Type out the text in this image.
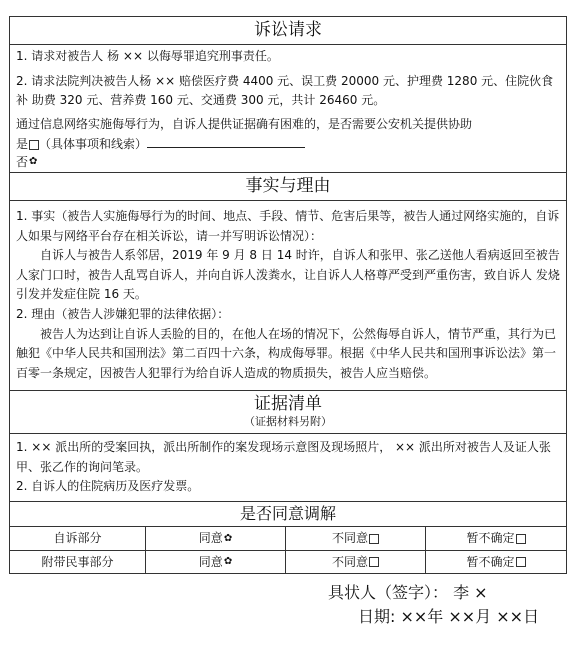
诉讼请求			

1. 请求对被告人 杨 ×× 以侮辱罪追究刑事责任。

2. 请求法院判决被告人杨 ×× 赔偿医疗费 4400 元、误工费 20000 元、护理费 1280 元、住院伙食补 助费 320 元、营养费 160 元、交通费 300 元，共计 26460 元。

通过信息网络实施侮辱行为，自诉人提供证据确有困难的，是否需要公安机关提供协助

是 （具体事项和线索）

否✿			

事实与理由			

1. 事实（被告人实施侮辱行为的时间、地点、手段、情节、危害后果等，被告人通过网络实施的，自诉人如果与网络平台存在相关诉讼，请一并写明诉讼情况）：

自诉人与被告人系邻居，2019 年 9 月 8 日 14 时许，自诉人和张甲、张乙送他人看病返回至被告人家门口时，被告人乱骂自诉人，并向自诉人泼粪水，让自诉人人格尊严受到严重伤害，致自诉人 发烧引发并发症住院 16 天。

2. 理由（被告人涉嫌犯罪的法律依据）：

被告人为达到让自诉人丢脸的目的，在他人在场的情况下，公然侮辱自诉人，情节严重，其行为已触犯《中华人民共和国刑法》第二百四十六条，构成侮辱罪。根据《中华人民共和国刑事诉讼法》第一百零一条规定，因被告人犯罪行为给自诉人造成的物质损失，被告人应当赔偿。			

证据清单
（证据材料另附）			

1. ×× 派出所的受案回执，派出所制作的案发现场示意图及现场照片， ×× 派出所对被告人及证人张甲、张乙作的询问笔录。

2. 自诉人的住院病历及医疗发票。			

是否同意调解			
自诉部分	同意✿	不同意	暂不确定
附带民事部分	同意✿	不同意	暂不确定
具状人（签字）： 李 ×
日期: ××年 ××月 ××日
